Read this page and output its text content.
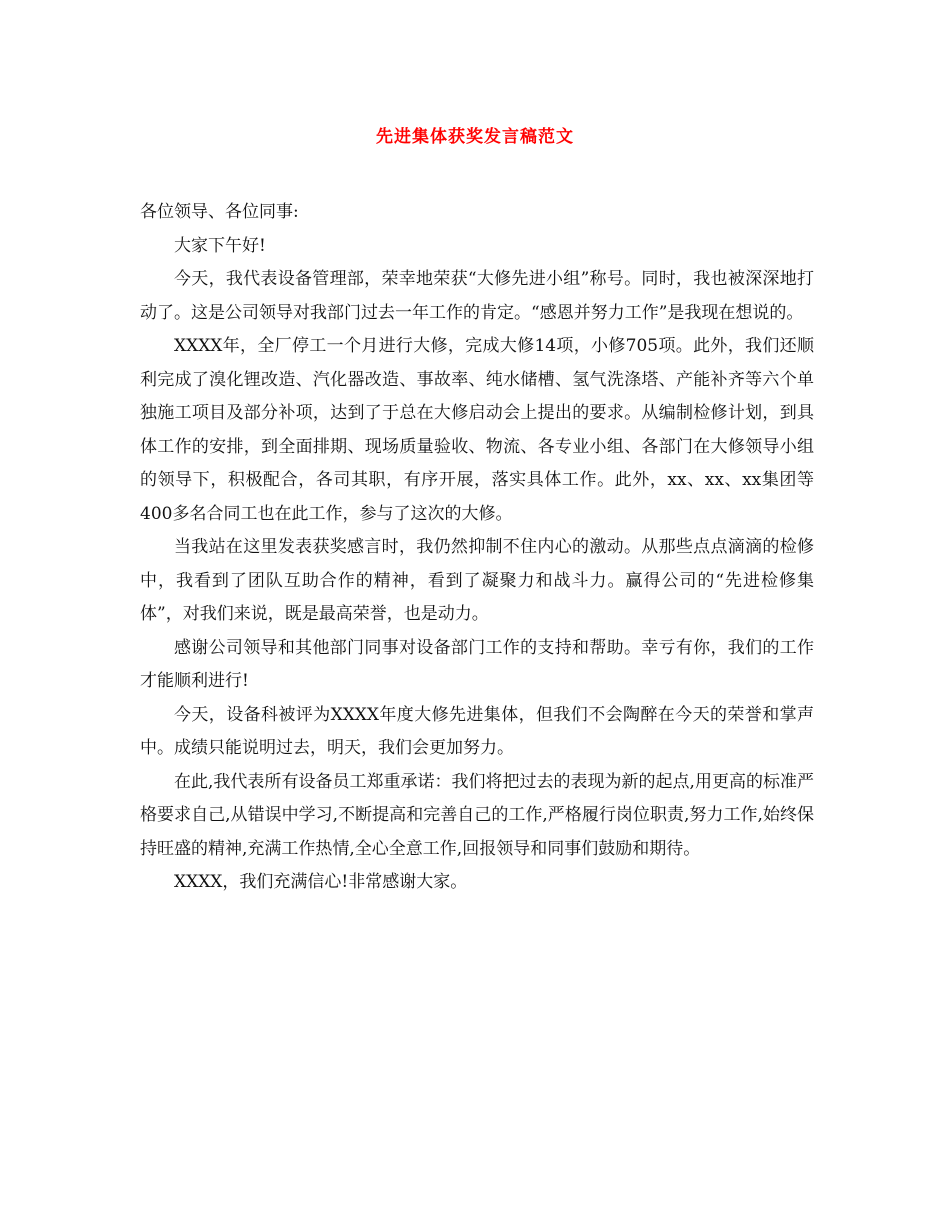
先进集体获奖发言稿范文

各位领导、各位同事:

大家下午好!

今天，我代表设备管理部，荣幸地荣获“大修先进小组”称号。同时，我也被深深地打动了。这是公司领导对我部门过去一年工作的肯定。“感恩并努力工作”是我现在想说的。

XXXX年，全厂停工一个月进行大修，完成大修14项，小修705项。此外，我们还顺利完成了溴化锂改造、汽化器改造、事故率、纯水储槽、氢气洗涤塔、产能补齐等六个单独施工项目及部分补项，达到了于总在大修启动会上提出的要求。从编制检修计划，到具体工作的安排，到全面排期、现场质量验收、物流、各专业小组、各部门在大修领导小组的领导下，积极配合，各司其职，有序开展，落实具体工作。此外，xx、xx、xx集团等400多名合同工也在此工作，参与了这次的大修。

当我站在这里发表获奖感言时，我仍然抑制不住内心的激动。从那些点点滴滴的检修中，我看到了团队互助合作的精神，看到了凝聚力和战斗力。赢得公司的“先进检修集体”，对我们来说，既是最高荣誉，也是动力。

感谢公司领导和其他部门同事对设备部门工作的支持和帮助。幸亏有你，我们的工作才能顺利进行!

今天，设备科被评为XXXX年度大修先进集体，但我们不会陶醉在今天的荣誉和掌声中。成绩只能说明过去，明天，我们会更加努力。

在此,我代表所有设备员工郑重承诺：我们将把过去的表现为新的起点,用更高的标准严格要求自己,从错误中学习,不断提高和完善自己的工作,严格履行岗位职责,努力工作,始终保持旺盛的精神,充满工作热情,全心全意工作,回报领导和同事们鼓励和期待。

XXXX，我们充满信心!非常感谢大家。
